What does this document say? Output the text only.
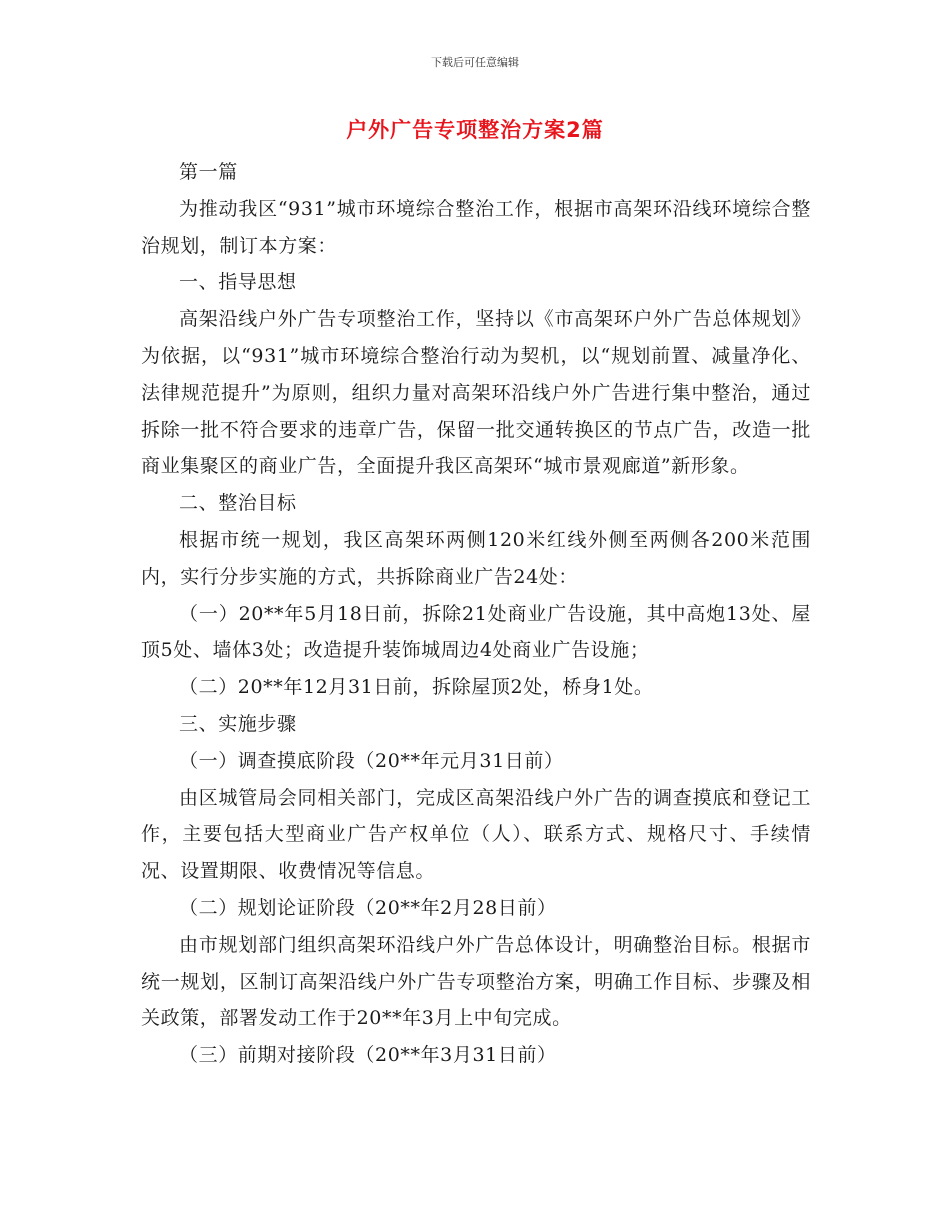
下载后可任意编辑
户外广告专项整治方案2篇

第一篇

为推动我区“931”城市环境综合整治工作，根据市高架环沿线环境综合整治规划，制订本方案：

一、指导思想

高架沿线户外广告专项整治工作，坚持以《市高架环户外广告总体规划》为依据，以“931”城市环境综合整治行动为契机，以“规划前置、减量净化、法律规范提升”为原则，组织力量对高架环沿线户外广告进行集中整治，通过拆除一批不符合要求的违章广告，保留一批交通转换区的节点广告，改造一批商业集聚区的商业广告，全面提升我区高架环“城市景观廊道”新形象。

二、整治目标

根据市统一规划，我区高架环两侧120米红线外侧至两侧各200米范围内，实行分步实施的方式，共拆除商业广告24处：

（一）20**年5月18日前，拆除21处商业广告设施，其中高炮13处、屋顶5处、墙体3处；改造提升装饰城周边4处商业广告设施；

（二）20**年12月31日前，拆除屋顶2处，桥身1处。

三、实施步骤

（一）调查摸底阶段（20**年元月31日前）

由区城管局会同相关部门，完成区高架沿线户外广告的调查摸底和登记工作，主要包括大型商业广告产权单位（人）、联系方式、规格尺寸、手续情况、设置期限、收费情况等信息。

（二）规划论证阶段（20**年2月28日前）

由市规划部门组织高架环沿线户外广告总体设计，明确整治目标。根据市统一规划，区制订高架沿线户外广告专项整治方案，明确工作目标、步骤及相关政策，部署发动工作于20**年3月上中旬完成。

（三）前期对接阶段（20**年3月31日前）
